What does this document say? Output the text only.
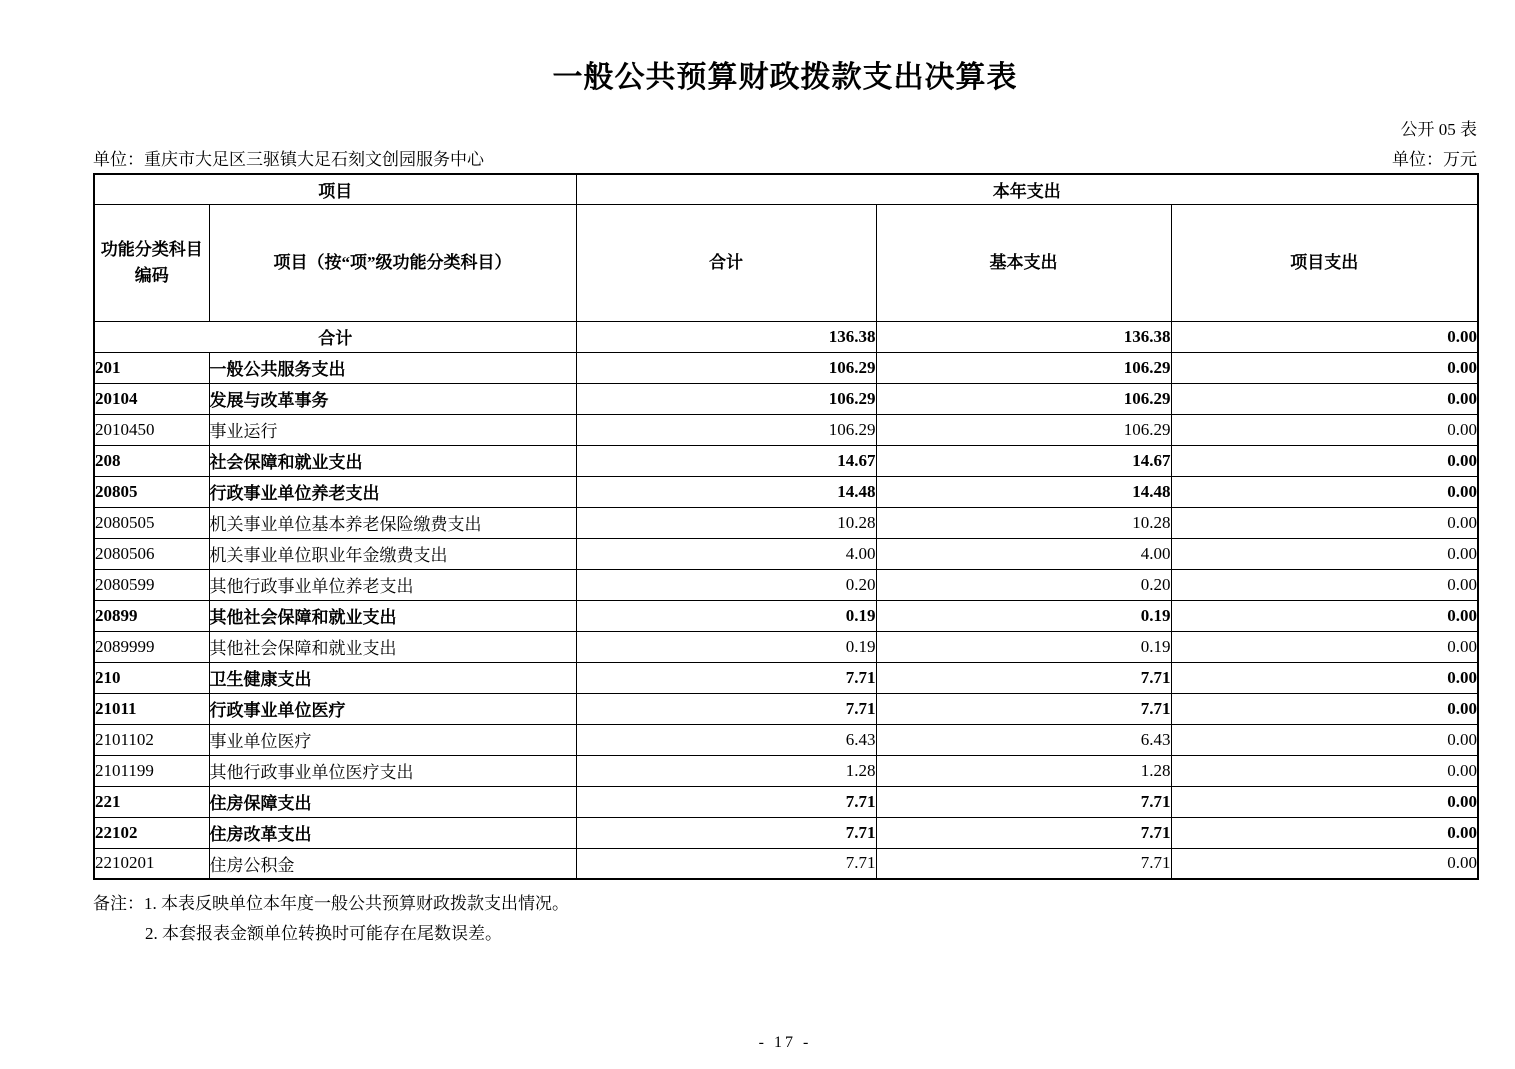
一般公共预算财政拨款支出决算表
公开 05 表
单位：重庆市大足区三驱镇大足石刻文创园服务中心	单位：万元
项目		本年支出		

功能分类科目
编码	项目（按“项”级功能分类科目）	合计	基本支出	项目支出
合计		136.38	136.38	0.00
201	一般公共服务支出	106.29	106.29	0.00
20104	发展与改革事务	106.29	106.29	0.00
2010450	事业运行	106.29	106.29	0.00
208	社会保障和就业支出	14.67	14.67	0.00
20805	行政事业单位养老支出	14.48	14.48	0.00
2080505	机关事业单位基本养老保险缴费支出	10.28	10.28	0.00
2080506	机关事业单位职业年金缴费支出	4.00	4.00	0.00
2080599	其他行政事业单位养老支出	0.20	0.20	0.00
20899	其他社会保障和就业支出	0.19	0.19	0.00
2089999	其他社会保障和就业支出	0.19	0.19	0.00
210	卫生健康支出	7.71	7.71	0.00
21011	行政事业单位医疗	7.71	7.71	0.00
2101102	事业单位医疗	6.43	6.43	0.00
2101199	其他行政事业单位医疗支出	1.28	1.28	0.00
221	住房保障支出	7.71	7.71	0.00
22102	住房改革支出	7.71	7.71	0.00
2210201	住房公积金	7.71	7.71	0.00
备注：1. 本表反映单位本年度一般公共预算财政拨款支出情况。
2. 本套报表金额单位转换时可能存在尾数误差。
- 17 -
